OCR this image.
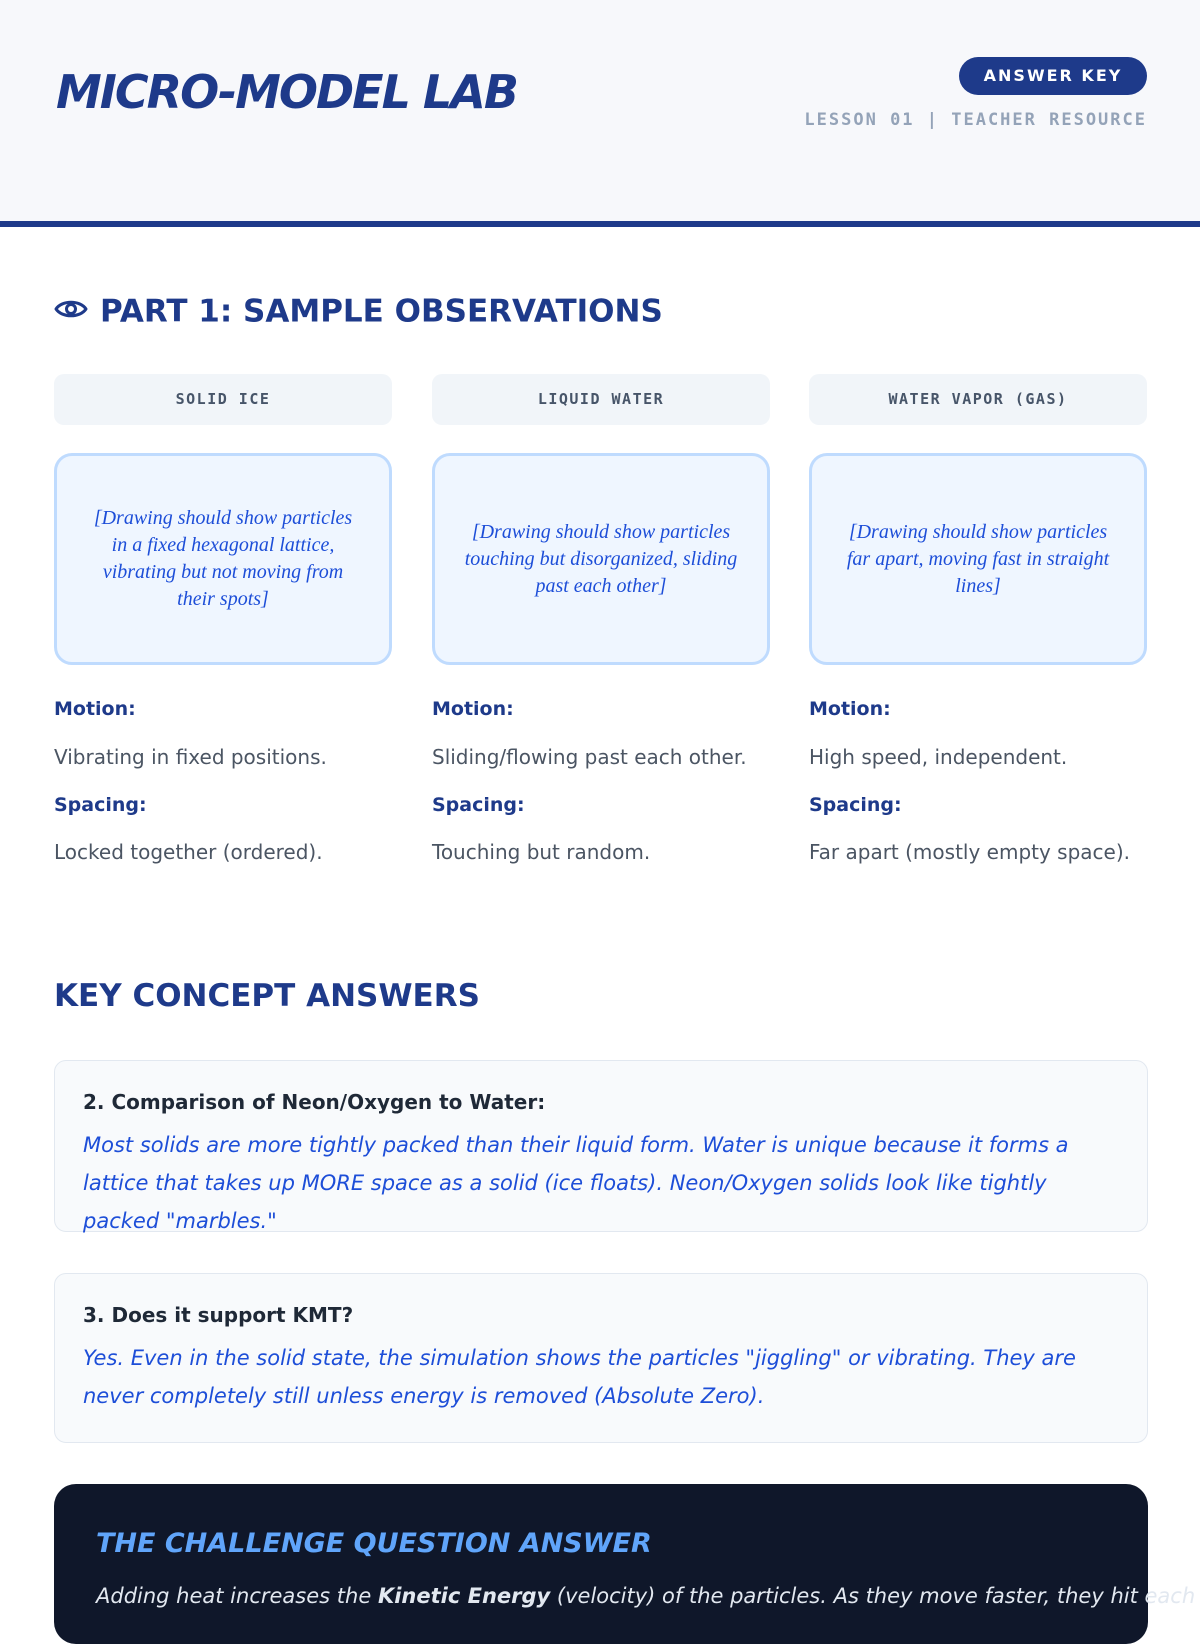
MICRO-MODEL LAB	ANSWER KEY
LESSON 01 | TEACHER RESOURCE
PART 1: SAMPLE OBSERVATIONS
SOLID ICE
[Drawing should show particles in a fixed hexagonal lattice, vibrating but not moving from their spots]
Motion:
Vibrating in fixed positions.
Spacing:
Locked together (ordered).
LIQUID WATER
[Drawing should show particles touching but disorganized, sliding past each other]
Motion:
Sliding/flowing past each other.
Spacing:
Touching but random.
WATER VAPOR (GAS)
[Drawing should show particles far apart, moving fast in straight lines]
Motion:
High speed, independent.
Spacing:
Far apart (mostly empty space).
KEY CONCEPT ANSWERS
2. Comparison of Neon/Oxygen to Water:
Most solids are more tightly packed than their liquid form. Water is unique because it forms a lattice that takes up MORE space as a solid (ice floats). Neon/Oxygen solids look like tightly packed "marbles."
3. Does it support KMT?
Yes. Even in the solid state, the simulation shows the particles "jiggling" or vibrating. They are never completely still unless energy is removed (Absolute Zero).
THE CHALLENGE QUESTION ANSWER
Adding heat increases the Kinetic Energy (velocity) of the particles. As they move faster, they hit each
